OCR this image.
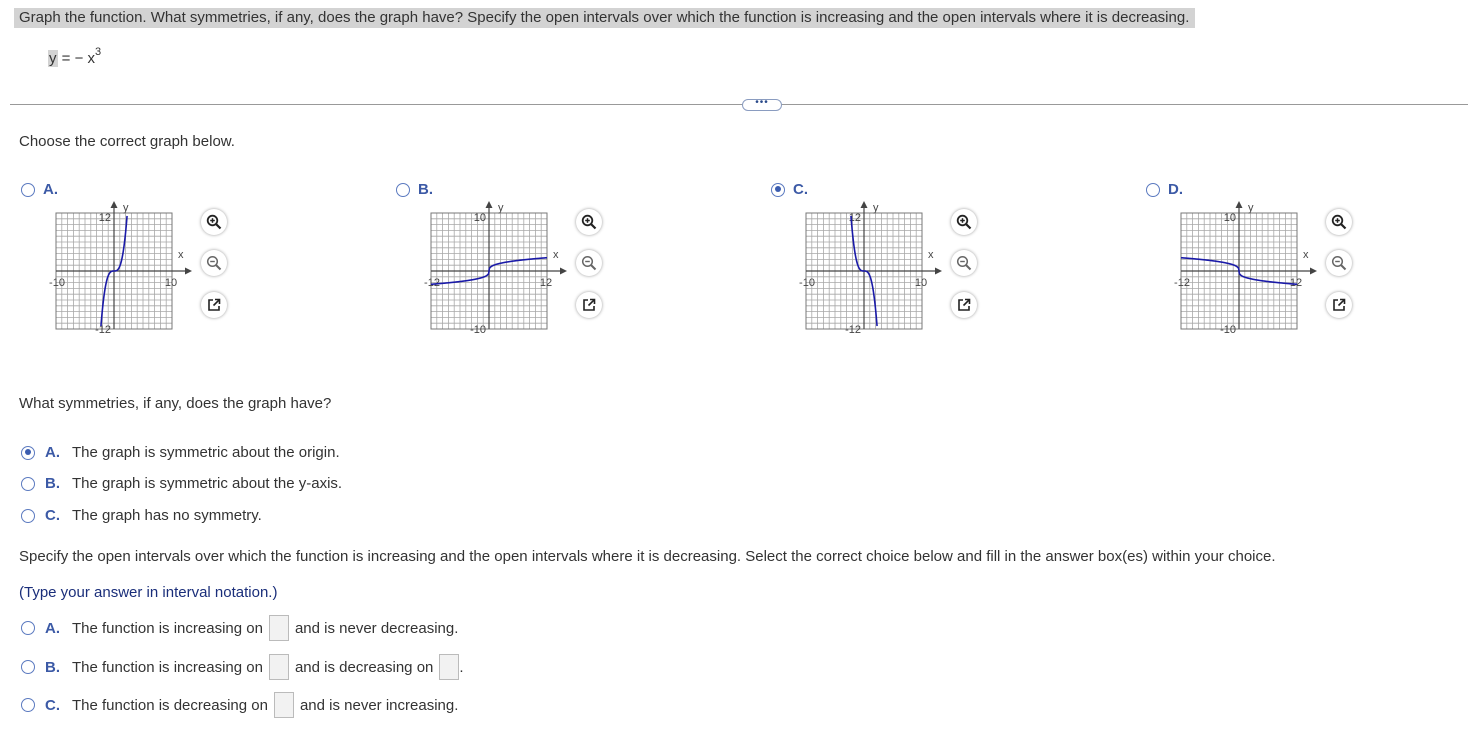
Graph the function. What symmetries, if any, does the graph have? Specify the open intervals over which the function is increasing and the open intervals where it is decreasing.
y = − $x^3$
•••
Choose the correct graph below.
A.
y
x
12
-12
-10	10
B.
y
x
10
-10
-12	12
C.
y
x
12
-12
-10	10
D.
y
x
10
-10
-12	12
What symmetries, if any, does the graph have?
A. The graph is symmetric about the origin.
B. The graph is symmetric about the y-axis.
C. The graph has no symmetry.
Specify the open intervals over which the function is increasing and the open intervals where it is decreasing. Select the correct choice below and fill in the answer box(es) within your choice.
(Type your answer in interval notation.)
A. The function is increasing on and is never decreasing.
B. The function is increasing on and is decreasing on .
C. The function is decreasing on and is never increasing.
